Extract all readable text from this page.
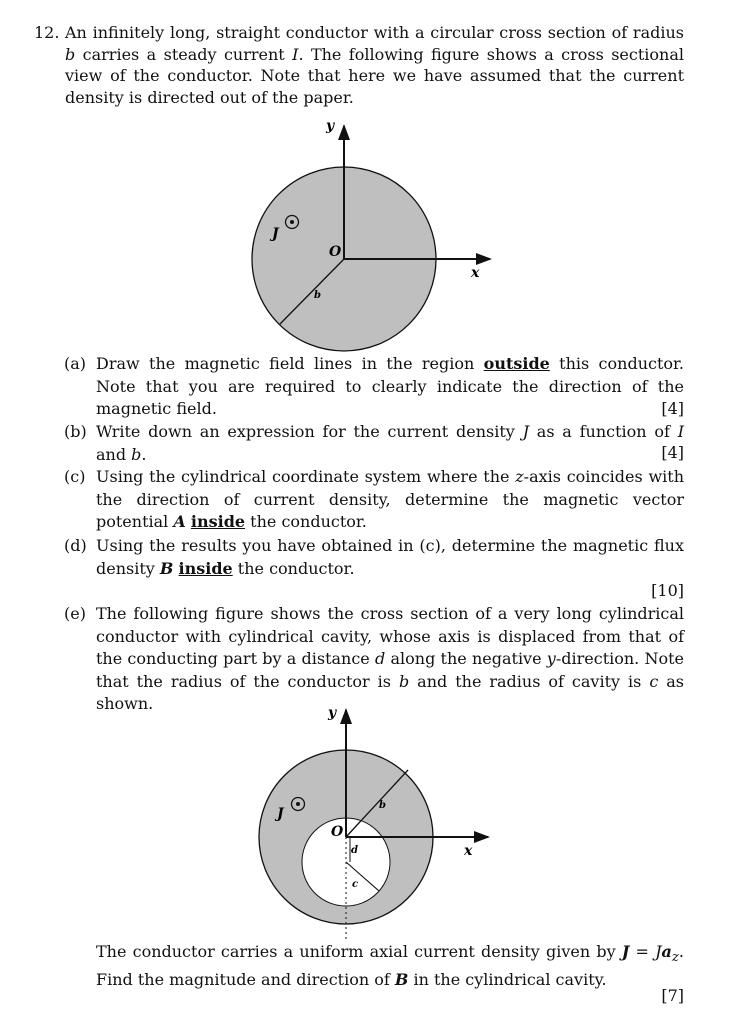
12. An infinitely long, straight conductor with a circular cross section of radius b carries a steady current I. The following figure shows a cross sectional view of the conductor. Note that here we have assumed that the current density is directed out of the paper.
y
x
O
J
b
(a) Draw the magnetic field lines in the region outside this conductor. Note that you are required to clearly indicate the direction of the magnetic field.	[4]
(b) Write down an expression for the current density J as a function of I and b.	[4]
(c) Using the cylindrical coordinate system where the z-axis coincides with the direction of current density, determine the magnetic vector potential A inside the conductor.
(d) Using the results you have obtained in (c), determine the magnetic flux density B inside the conductor.
[10]
(e) The following figure shows the cross section of a very long cylindrical conductor with cylindrical cavity, whose axis is displaced from that of the conducting part by a distance d along the negative y-direction. Note that the radius of the conductor is b and the radius of cavity is c as shown.	y
x
O
J
b
d
c
The conductor carries a uniform axial current density given by $J = Ja_z$. Find the magnitude and direction of B in the cylindrical cavity.
[7]
